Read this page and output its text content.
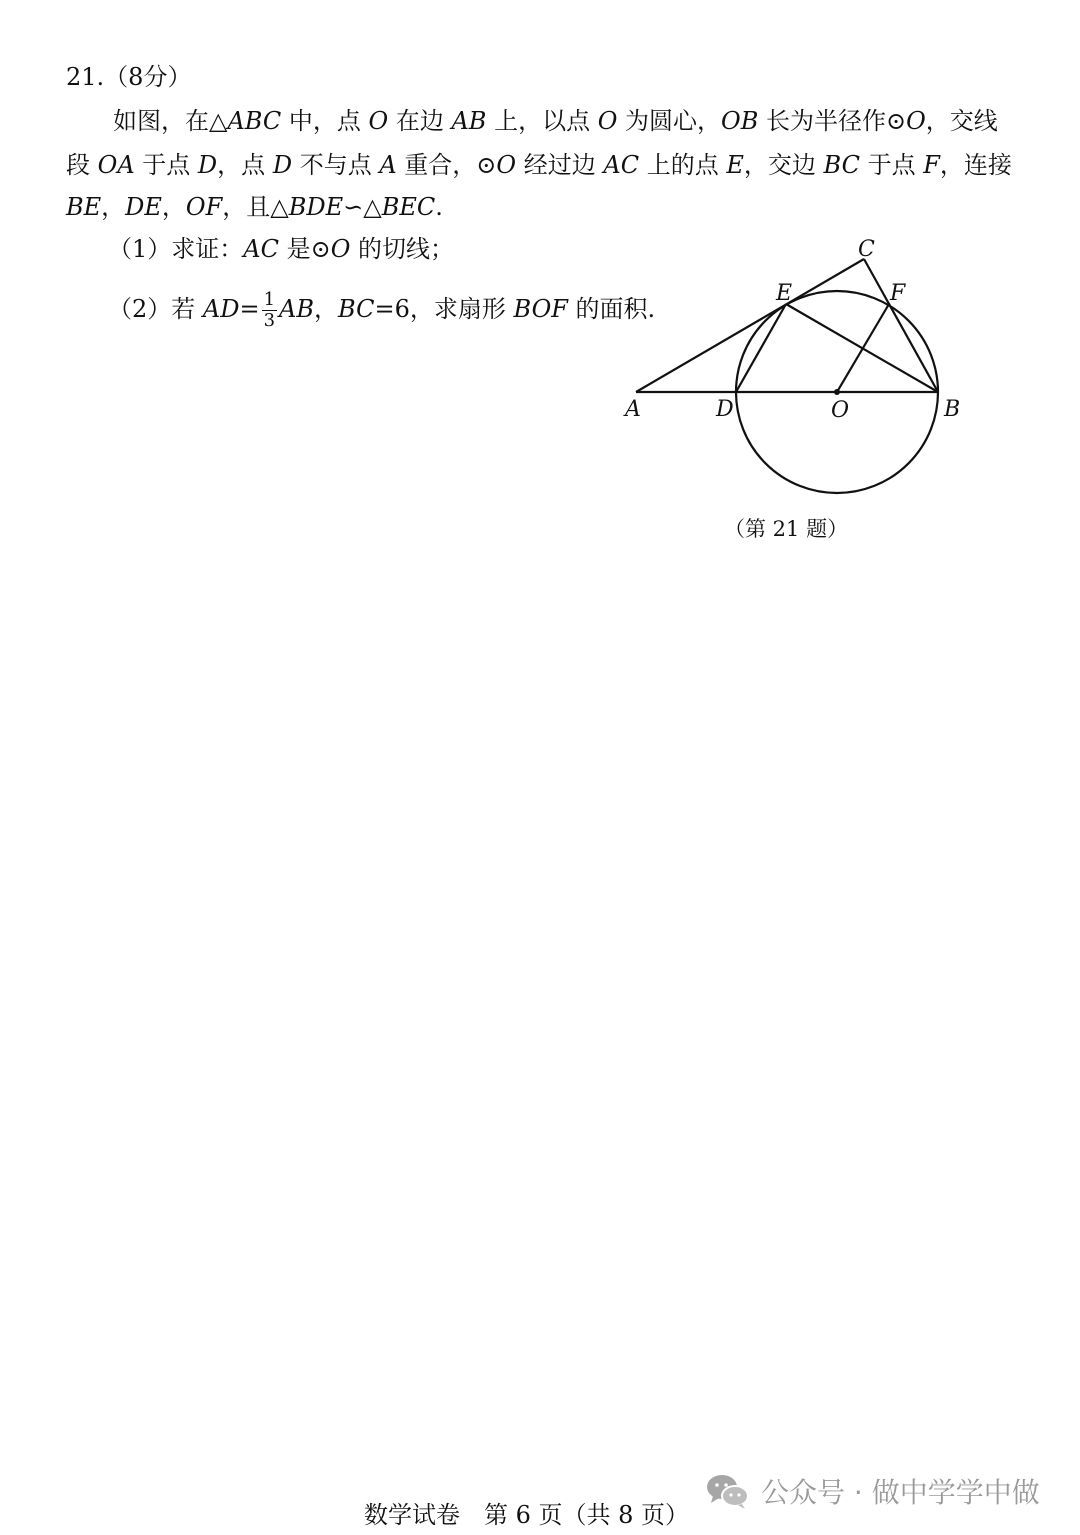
21.（8分）
如图，在△ABC 中，点 O 在边 AB 上，以点 O 为圆心，OB 长为半径作⊙O，交线
段 OA 于点 D，点 D 不与点 A 重合，⊙O 经过边 AC 上的点 E，交边 BC 于点 F，连接
BE，DE，OF，且△BDE∽△BEC.
（1）求证：AC 是⊙O 的切线；
（2）若 $AD= \frac{1}{3}$ AB，BC=6，求扇形 BOF 的面积.
A	D	O	B
C
E	F
（第 21 题）
数学试卷　第 6 页（共 8 页）
公众号 · 做中学学中做
